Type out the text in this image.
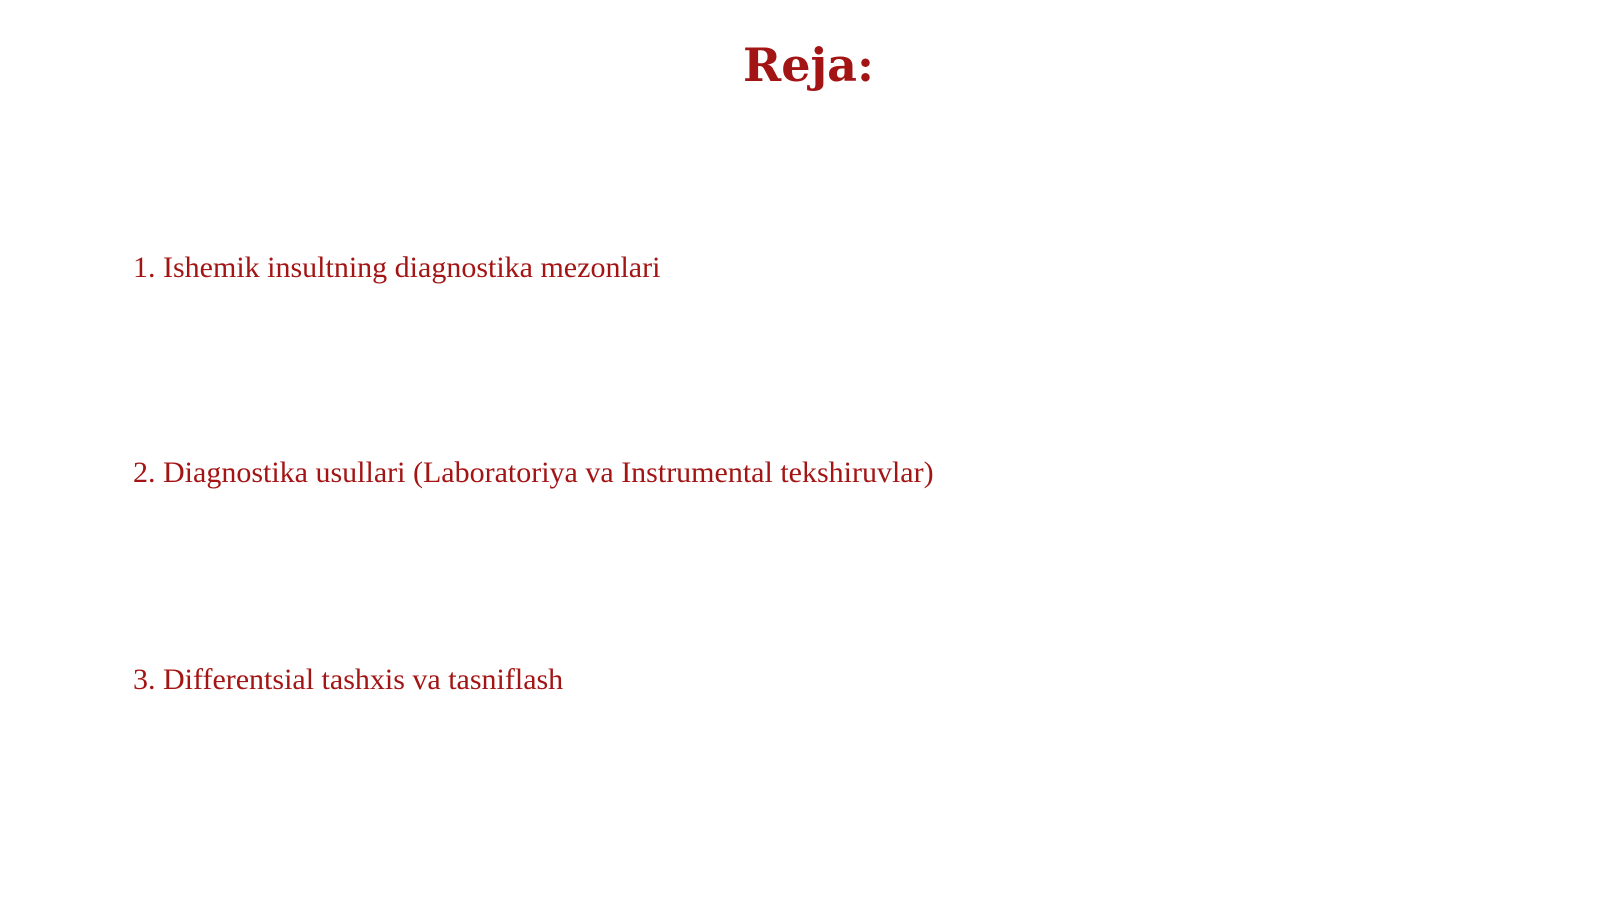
Reja:

1. Ishemik insultning diagnostika mezonlari

2. Diagnostika usullari (Laboratoriya va Instrumental tekshiruvlar)

3. Differentsial tashxis va tasniflash
